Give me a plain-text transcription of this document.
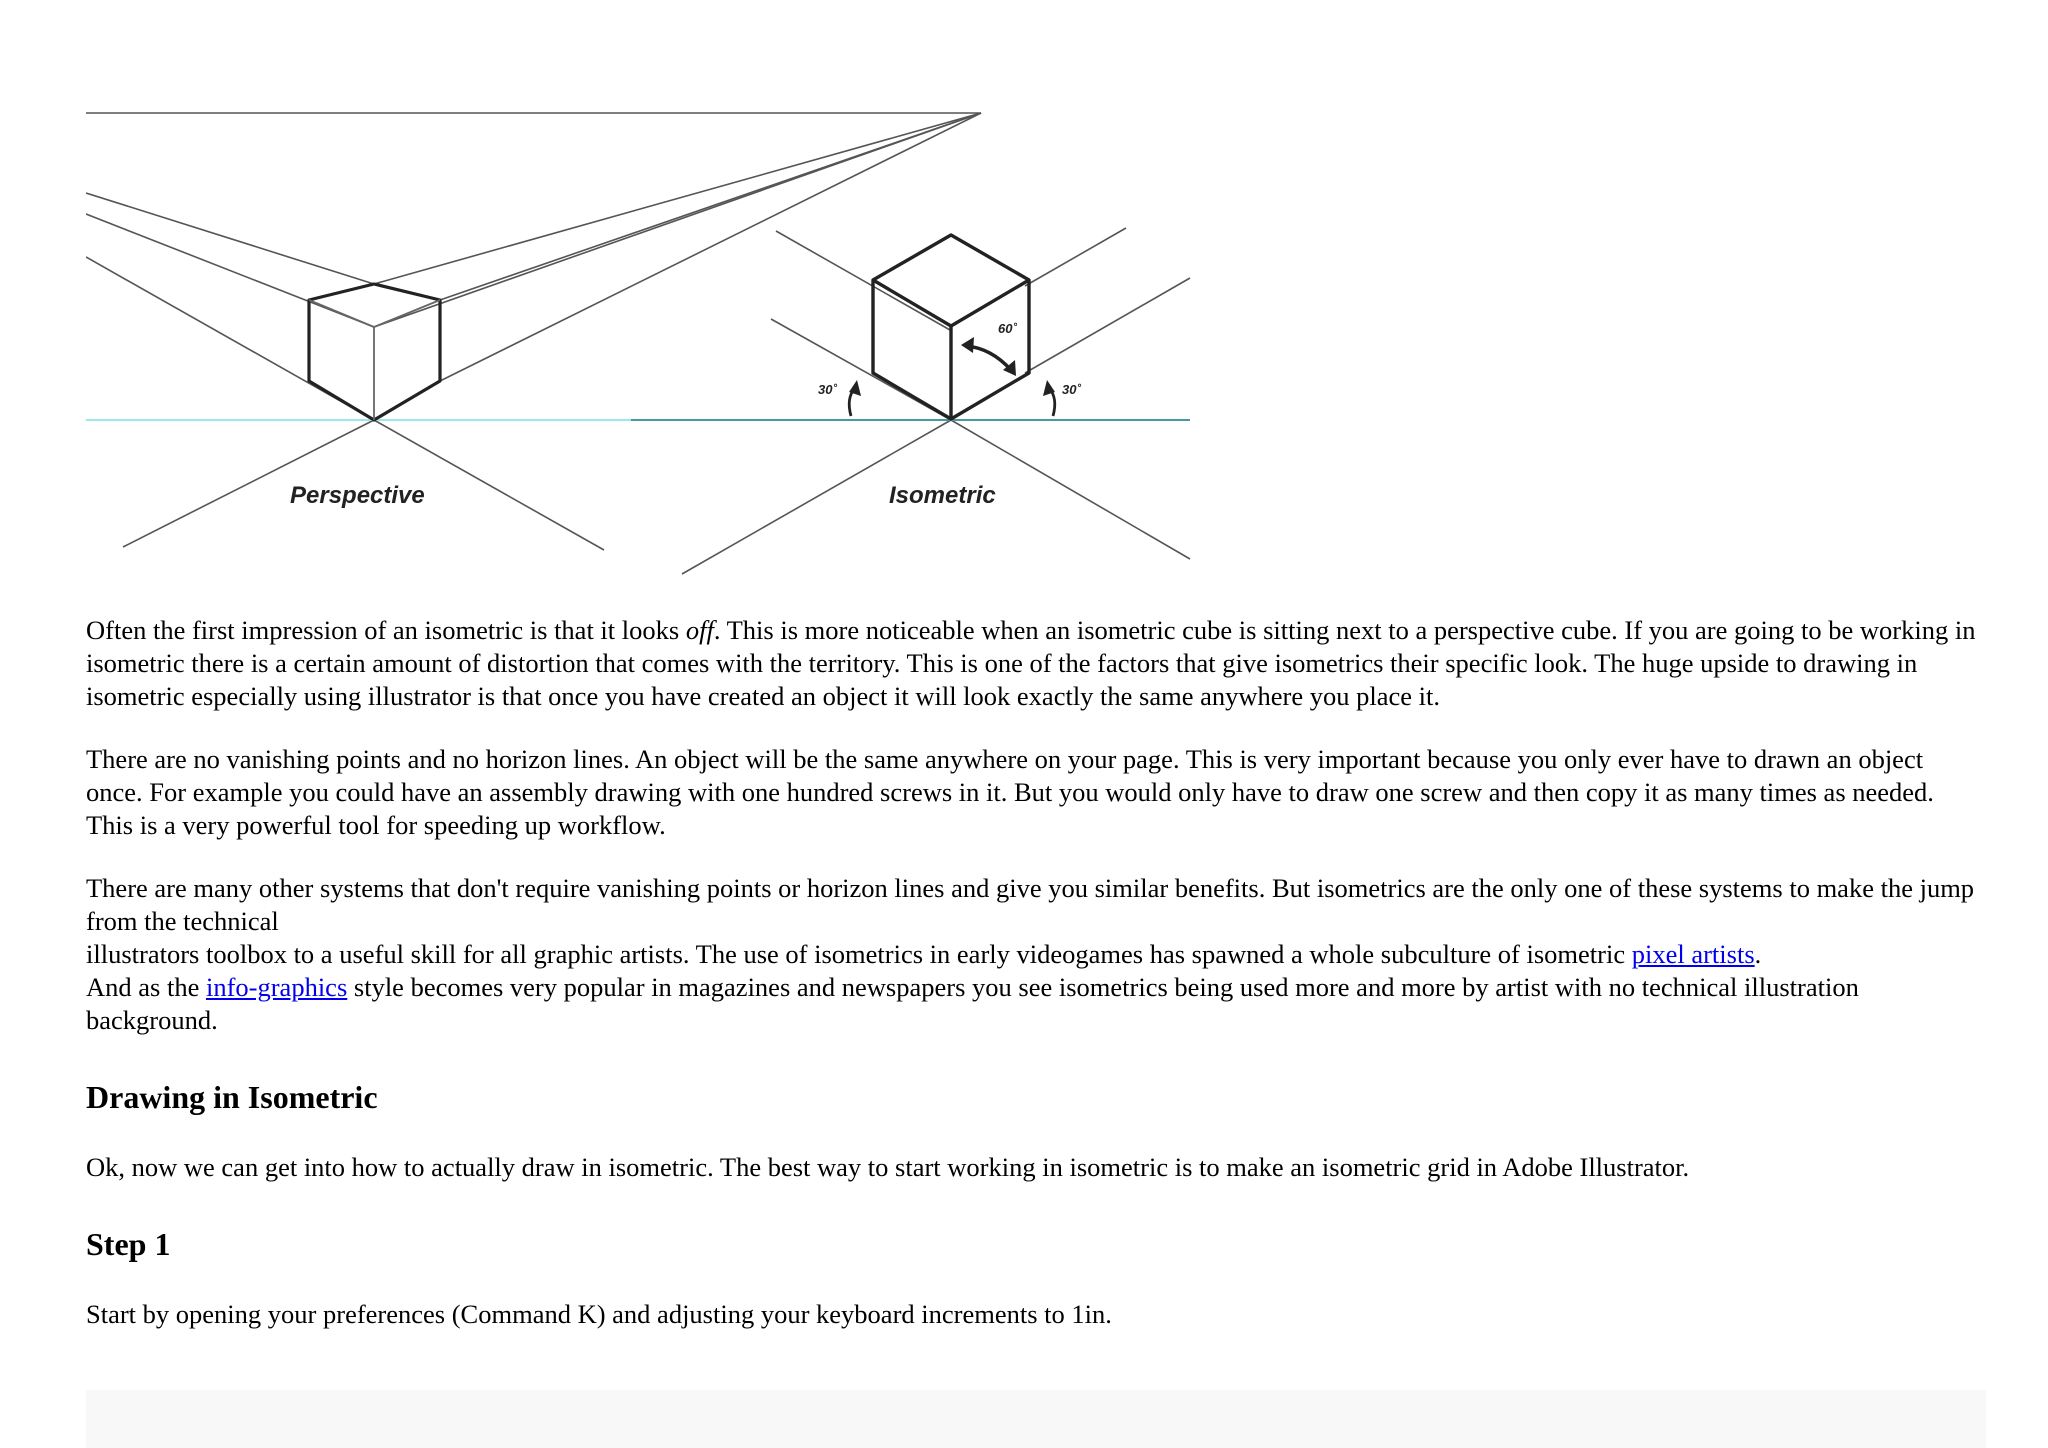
Perspective
60˚
30˚	30˚
Isometric

Often the first impression of an isometric is that it looks off. This is more noticeable when an isometric cube is sitting next to a perspective cube. If you are going to be working in isometric there is a certain amount of distortion that comes with the territory. This is one of the factors that give isometrics their specific look. The huge upside to drawing in isometric especially using illustrator is that once you have created an object it will look exactly the same anywhere you place it.

There are no vanishing points and no horizon lines. An object will be the same anywhere on your page. This is very important because you only ever have to drawn an object once. For example you could have an assembly drawing with one hundred screws in it. But you would only have to draw one screw and then copy it as many times as needed. This is a very powerful tool for speeding up workflow.

There are many other systems that don't require vanishing points or horizon lines and give you similar benefits. But isometrics are the only one of these systems to make the jump from the technical
illustrators toolbox to a useful skill for all graphic artists. The use of isometrics in early videogames has spawned a whole subculture of isometric pixel artists.
And as the info-graphics style becomes very popular in magazines and newspapers you see isometrics being used more and more by artist with no technical illustration background.

Drawing in Isometric

Ok, now we can get into how to actually draw in isometric. The best way to start working in isometric is to make an isometric grid in Adobe Illustrator.

Step 1

Start by opening your preferences (Command K) and adjusting your keyboard increments to 1in.
